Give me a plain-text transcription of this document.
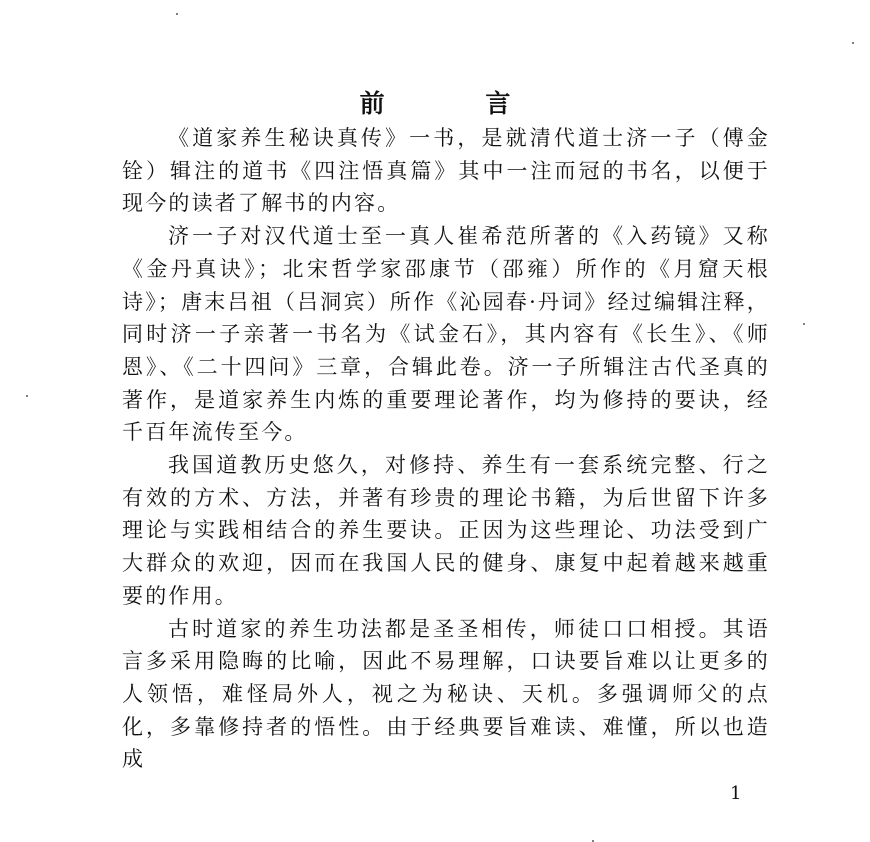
前 言

《道家养生秘诀真传》一书，是就清代道士济一子（傅金铨）辑注的道书《四注悟真篇》其中一注而冠的书名，以便于现今的读者了解书的内容。

济一子对汉代道士至一真人崔希范所著的《入药镜》又称《金丹真诀》；北宋哲学家邵康节（邵雍）所作的《月窟天根诗》；唐末吕祖（吕洞宾）所作《沁园春·丹词》经过编辑注释，同时济一子亲著一书名为《试金石》，其内容有《长生》、《师恩》、《二十四问》三章，合辑此卷。济一子所辑注古代圣真的著作，是道家养生内炼的重要理论著作，均为修持的要诀，经千百年流传至今。

我国道教历史悠久，对修持、养生有一套系统完整、行之有效的方术、方法，并著有珍贵的理论书籍，为后世留下许多理论与实践相结合的养生要诀。正因为这些理论、功法受到广大群众的欢迎，因而在我国人民的健身、康复中起着越来越重要的作用。

古时道家的养生功法都是圣圣相传，师徒口口相授。其语言多采用隐晦的比喻，因此不易理解，口诀要旨难以让更多的人领悟，难怪局外人，视之为秘诀、天机。多强调师父的点化，多靠修持者的悟性。由于经典要旨难读、难懂，所以也造成

1
